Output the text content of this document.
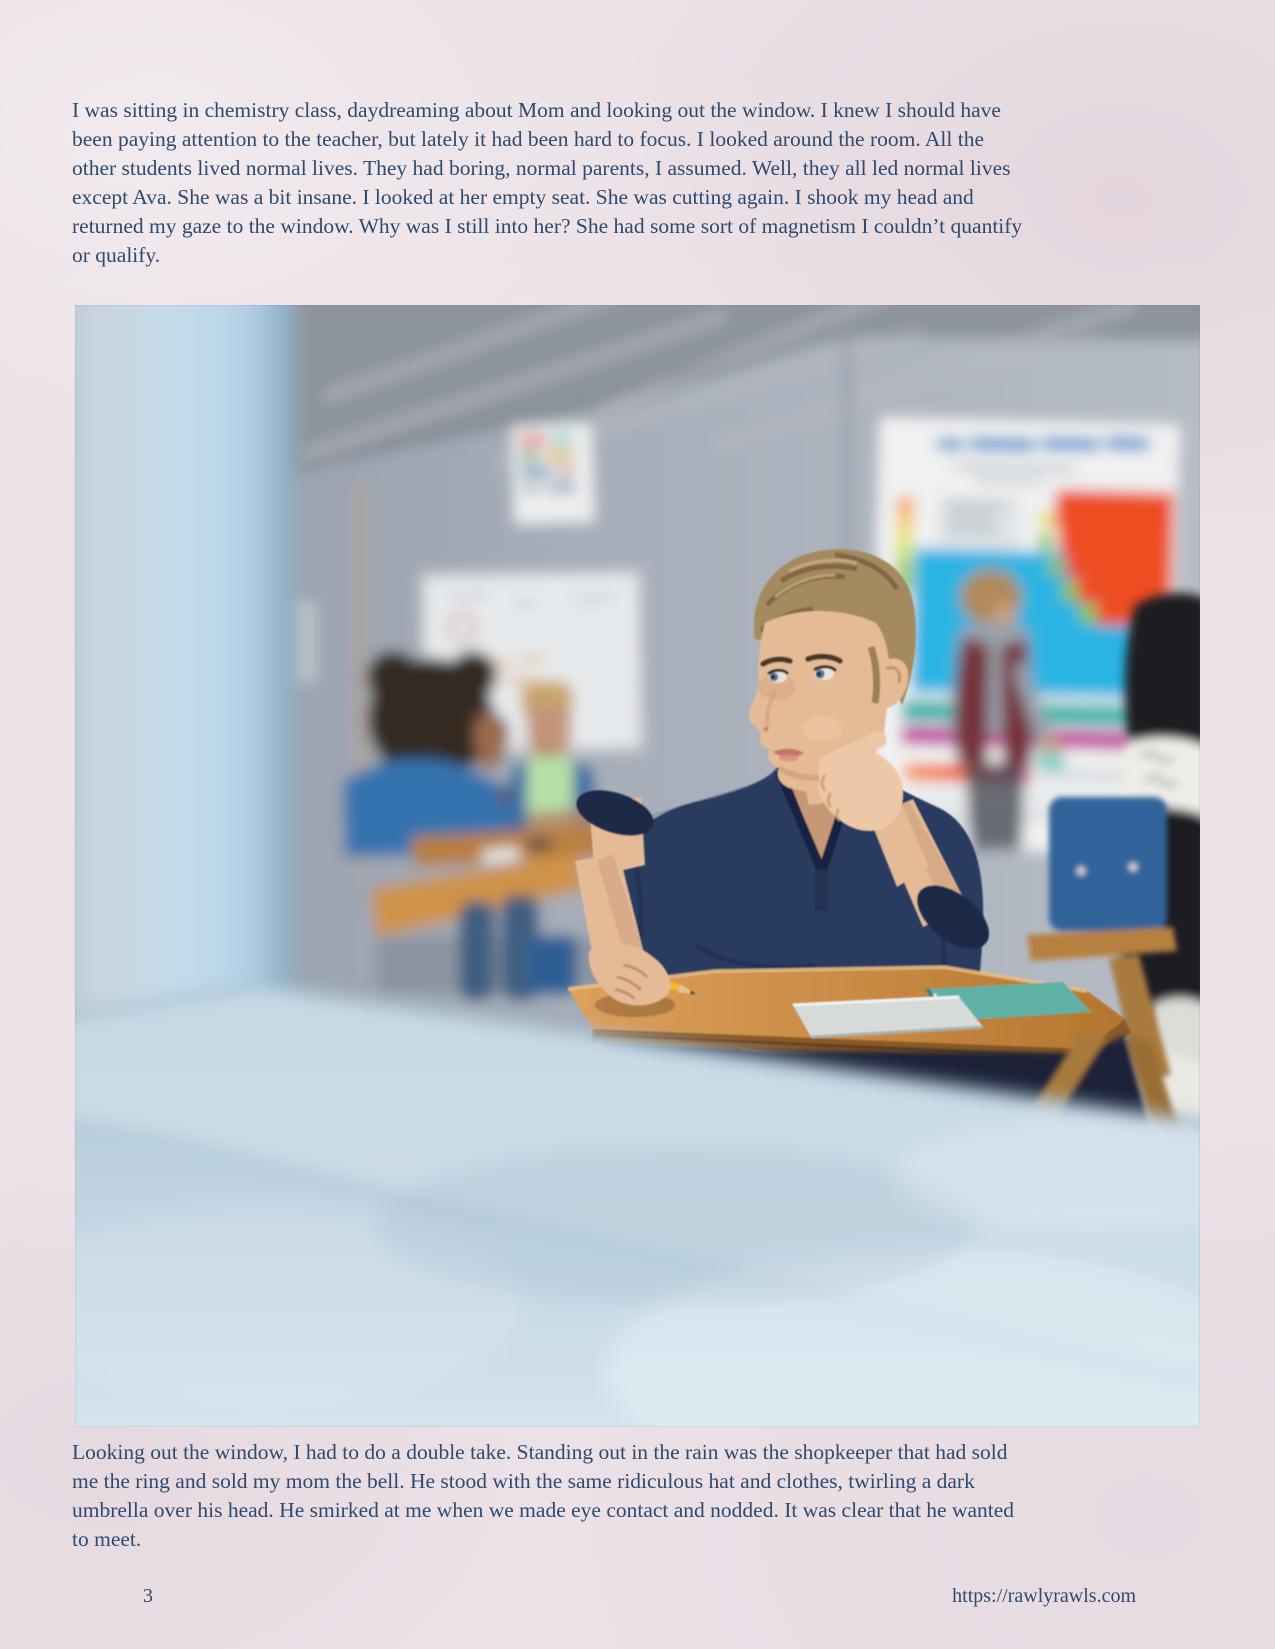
I was sitting in chemistry class, daydreaming about Mom and looking out the window. I knew I should have
been paying attention to the teacher, but lately it had been hard to focus. I looked around the room. All the
other students lived normal lives. They had boring, normal parents, I assumed. Well, they all led normal lives
except Ava. She was a bit insane. I looked at her empty seat. She was cutting again. I shook my head and
returned my gaze to the window. Why was I still into her? She had some sort of magnetism I couldn’t quantify
or qualify.
Looking out the window, I had to do a double take. Standing out in the rain was the shopkeeper that had sold
me the ring and sold my mom the bell. He stood with the same ridiculous hat and clothes, twirling a dark
umbrella over his head. He smirked at me when we made eye contact and nodded. It was clear that he wanted
to meet.
3	https://rawlyrawls.com
